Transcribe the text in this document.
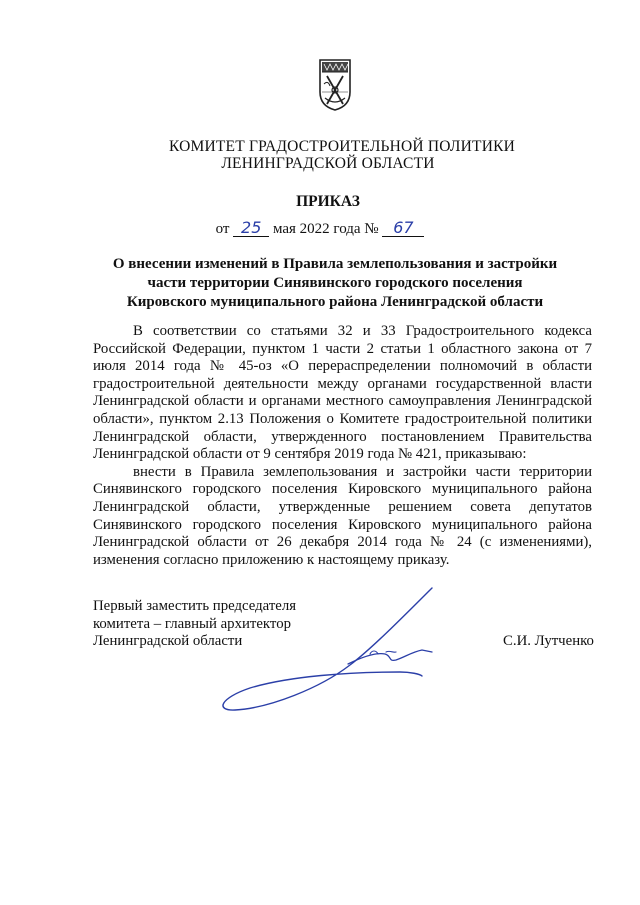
КОМИТЕТ ГРАДОСТРОИТЕЛЬНОЙ ПОЛИТИКИ
ЛЕНИНГРАДСКОЙ ОБЛАСТИ
ПРИКАЗ
от 25 мая 2022 года № 67
О внесении изменений в Правила землепользования и застройки
части территории Синявинского городского поселения
Кировского муниципального района Ленинградской области

В соответствии со статьями 32 и 33 Градостроительного кодекса Российской Федерации, пунктом 1 части 2 статьи 1 областного закона от 7 июля 2014 года № 45-оз «О перераспределении полномочий в области градостроительной деятельности между органами государственной власти Ленинградской области и органами местного самоуправления Ленинградской области», пунктом 2.13 Положения о Комитете градостроительной политики Ленинградской области, утвержденного постановлением Правительства Ленинградской области от 9 сентября 2019 года № 421, приказываю:

внести в Правила землепользования и застройки части территории Синявинского городского поселения Кировского муниципального района Ленинградской области, утвержденные решением совета депутатов Синявинского городского поселения Кировского муниципального района Ленинградской области от 26 декабря 2014 года № 24 (с изменениями), изменения согласно приложению к настоящему приказу.

Первый заместить председателя
комитета – главный архитектор
Ленинградской области	С.И. Лутченко
